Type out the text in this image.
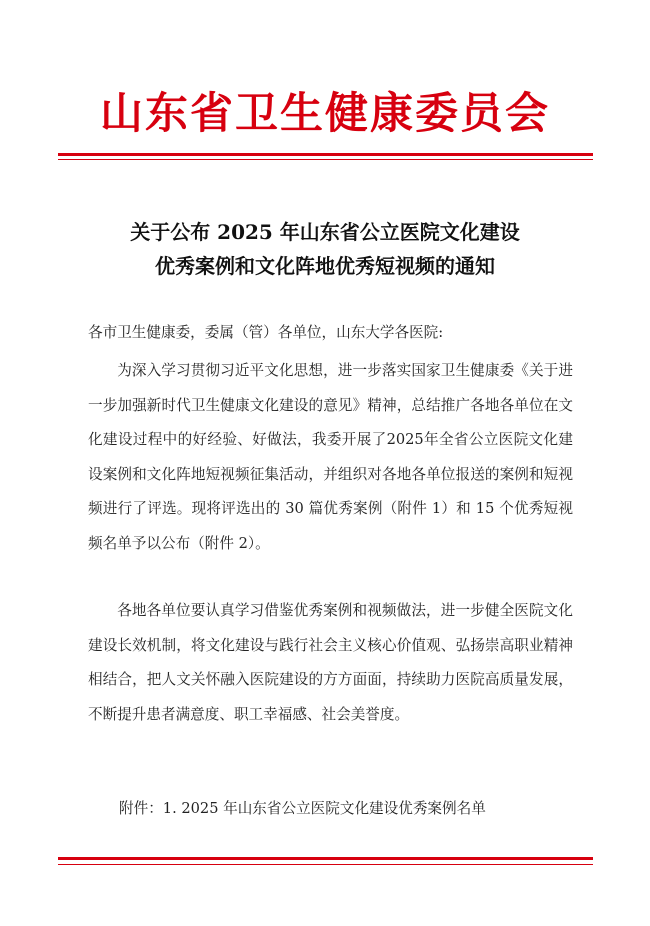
山东省卫生健康委员会
关于公布 2025 年山东省公立医院文化建设
优秀案例和文化阵地优秀短视频的通知
各市卫生健康委，委属（管）各单位，山东大学各医院:
为深入学习贯彻习近平文化思想，进一步落实国家卫生健康委《关于进一步加强新时代卫生健康文化建设的意见》精神，总结推广各地各单位在文化建设过程中的好经验、好做法，我委开展了2025年全省公立医院文化建设案例和文化阵地短视频征集活动，并组织对各地各单位报送的案例和短视频进行了评选。现将评选出的 30 篇优秀案例（附件 1）和 15 个优秀短视频名单予以公布（附件 2）。
各地各单位要认真学习借鉴优秀案例和视频做法，进一步健全医院文化建设长效机制，将文化建设与践行社会主义核心价值观、弘扬崇高职业精神相结合，把人文关怀融入医院建设的方方面面，持续助力医院高质量发展，不断提升患者满意度、职工幸福感、社会美誉度。
附件：1. 2025 年山东省公立医院文化建设优秀案例名单
